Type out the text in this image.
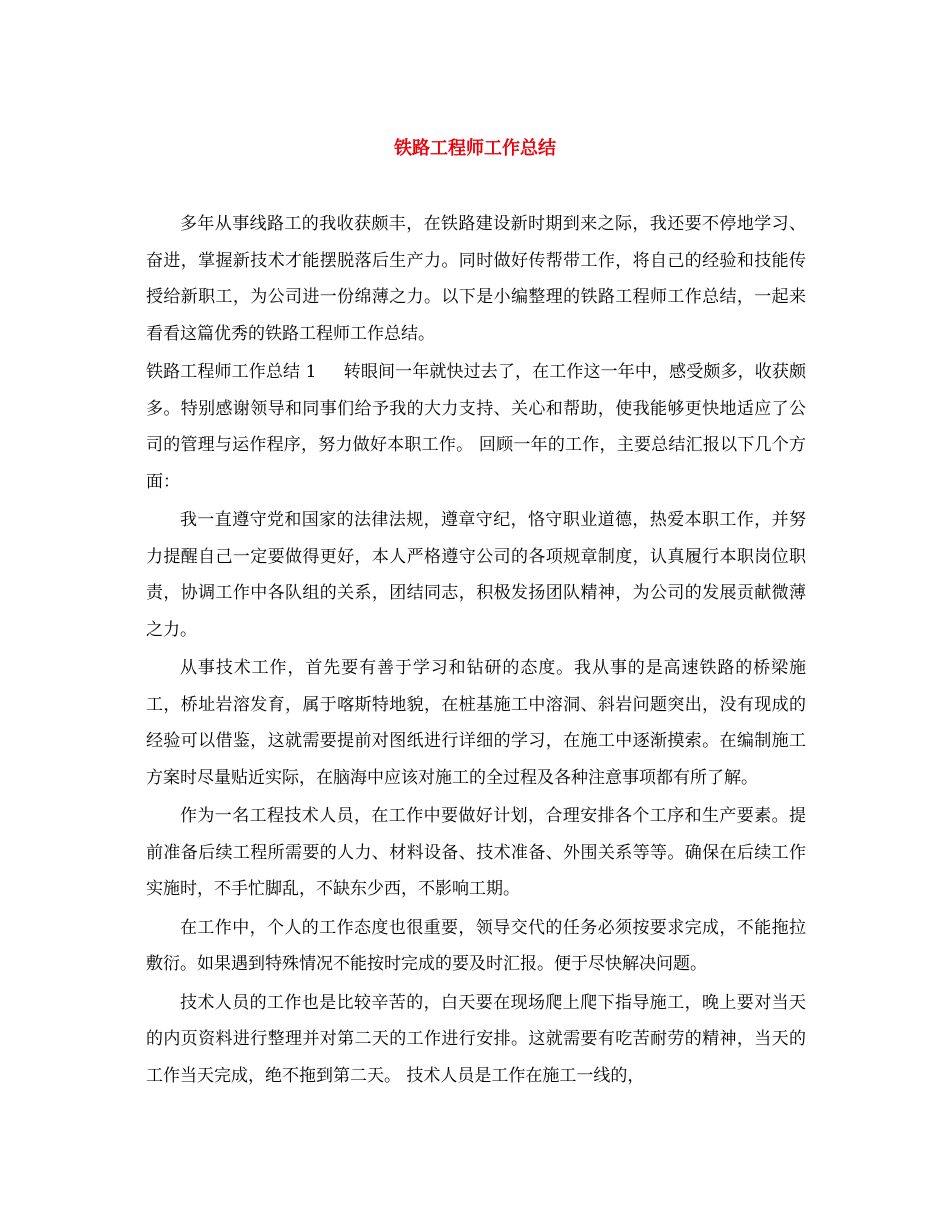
铁路工程师工作总结

多年从事线路工的我收获颇丰，在铁路建设新时期到来之际，我还要不停地学习、奋进，掌握新技术才能摆脱落后生产力。同时做好传帮带工作，将自己的经验和技能传授给新职工，为公司进一份绵薄之力。以下是小编整理的铁路工程师工作总结，一起来看看这篇优秀的铁路工程师工作总结。

铁路工程师工作总结 1 转眼间一年就快过去了，在工作这一年中，感受颇多，收获颇多。特别感谢领导和同事们给予我的大力支持、关心和帮助，使我能够更快地适应了公司的管理与运作程序，努力做好本职工作。 回顾一年的工作，主要总结汇报以下几个方面：

我一直遵守党和国家的法律法规，遵章守纪，恪守职业道德，热爱本职工作，并努力提醒自己一定要做得更好，本人严格遵守公司的各项规章制度，认真履行本职岗位职责，协调工作中各队组的关系，团结同志，积极发扬团队精神，为公司的发展贡献微薄之力。

从事技术工作，首先要有善于学习和钻研的态度。我从事的是高速铁路的桥梁施工，桥址岩溶发育，属于喀斯特地貌，在桩基施工中溶洞、斜岩问题突出，没有现成的经验可以借鉴，这就需要提前对图纸进行详细的学习，在施工中逐渐摸索。在编制施工方案时尽量贴近实际，在脑海中应该对施工的全过程及各种注意事项都有所了解。

作为一名工程技术人员，在工作中要做好计划，合理安排各个工序和生产要素。提前准备后续工程所需要的人力、材料设备、技术准备、外围关系等等。确保在后续工作实施时，不手忙脚乱，不缺东少西，不影响工期。

在工作中，个人的工作态度也很重要，领导交代的任务必须按要求完成，不能拖拉敷衍。如果遇到特殊情况不能按时完成的要及时汇报。便于尽快解决问题。

技术人员的工作也是比较辛苦的，白天要在现场爬上爬下指导施工，晚上要对当天的内页资料进行整理并对第二天的工作进行安排。这就需要有吃苦耐劳的精神，当天的工作当天完成，绝不拖到第二天。 技术人员是工作在施工一线的，
